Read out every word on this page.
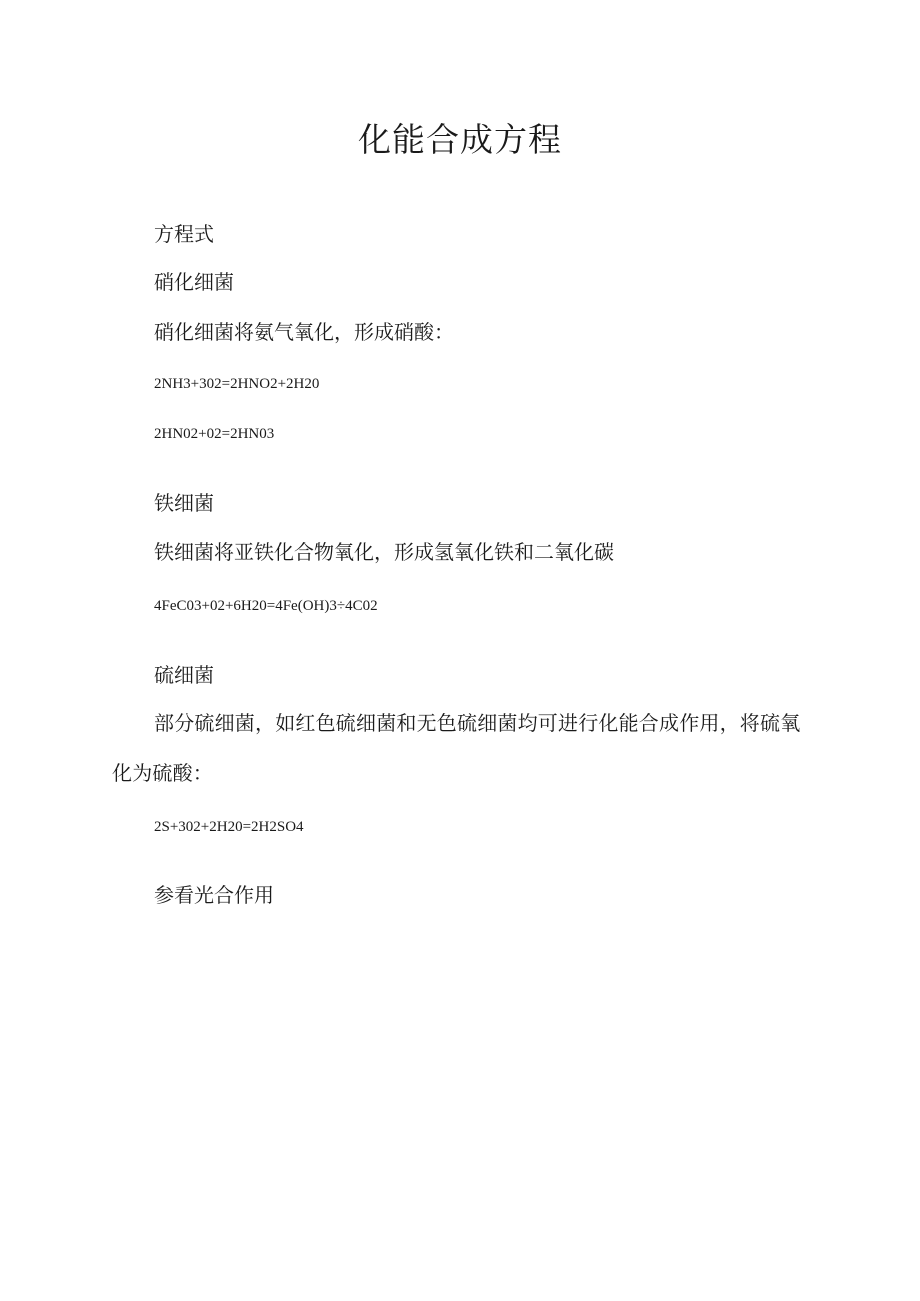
化能合成方程
方程式
硝化细菌
硝化细菌将氨气氧化，形成硝酸：
2NH3+302=2HNO2+2H20
2HN02+02=2HN03
铁细菌
铁细菌将亚铁化合物氧化，形成氢氧化铁和二氧化碳
4FeC03+02+6H20=4Fe(OH)3÷4C02
硫细菌
部分硫细菌，如红色硫细菌和无色硫细菌均可进行化能合成作用，将硫氧化为硫酸：
2S+302+2H20=2H2SO4
参看光合作用
